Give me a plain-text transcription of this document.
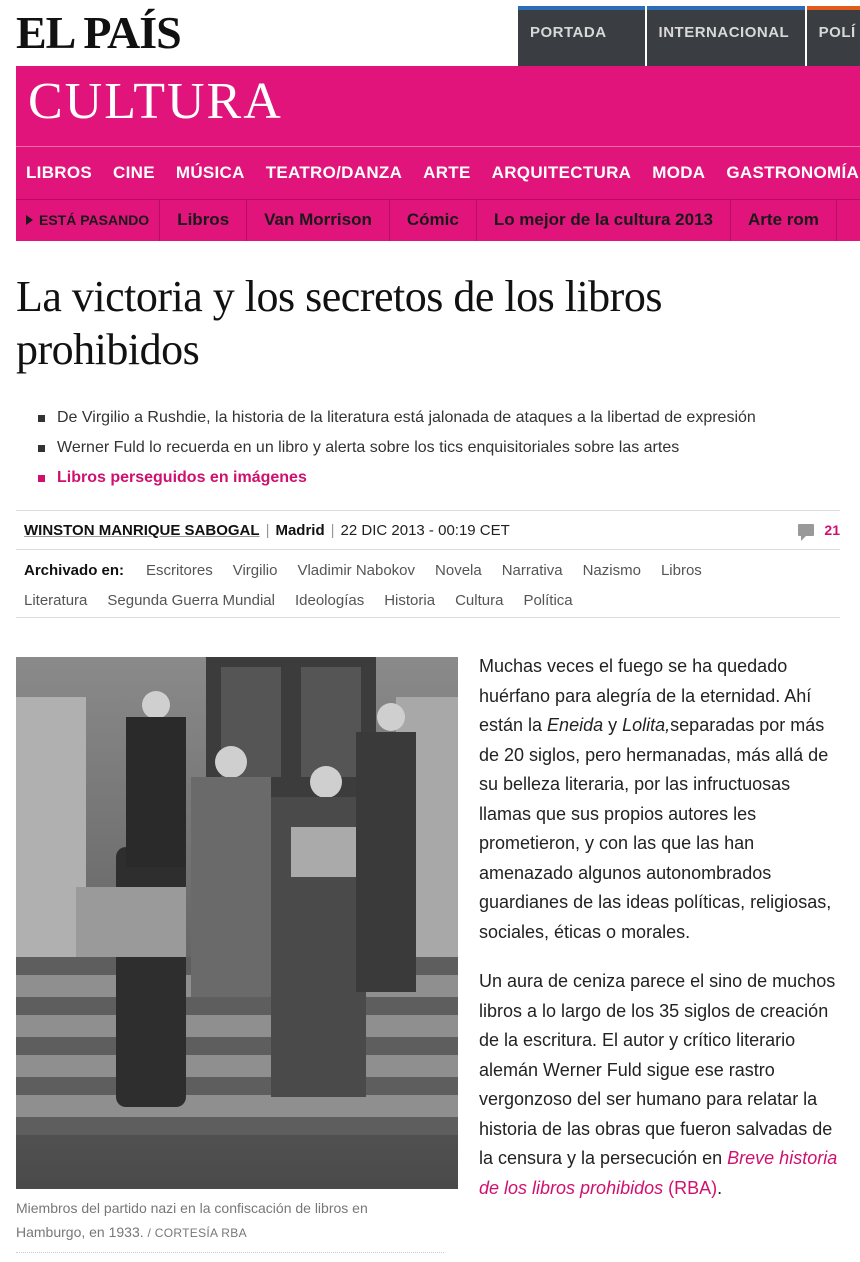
EL PAÍS	PORTADA	INTERNACIONAL	POLÍ
CULTURA
LIBROS CINE MÚSICA TEATRO/DANZA ARTE ARQUITECTURA MODA GASTRONOMÍA
ESTÁ PASANDO	Libros	Van Morrison	Cómic	Lo mejor de la cultura 2013	Arte rom
La victoria y los secretos de los libros prohibidos
De Virgilio a Rushdie, la historia de la literatura está jalonada de ataques a la libertad de expresión
Werner Fuld lo recuerda en un libro y alerta sobre los tics enquisitoriales sobre las artes
Libros perseguidos en imágenes
WINSTON MANRIQUE SABOGAL | Madrid | 22 DIC 2013 - 00:19 CET	21
Archivado en: Escritores Virgilio Vladimir Nabokov Novela Narrativa Nazismo Libros
Literatura Segunda Guerra Mundial Ideologías Historia Cultura Política
Miembros del partido nazi en la confiscación de libros en Hamburgo, en 1933. / CORTESÍA RBA

Muchas veces el fuego se ha quedado huérfano para alegría de la eternidad. Ahí están la Eneida y Lolita,separadas por más de 20 siglos, pero hermanadas, más allá de su belleza literaria, por las infructuosas llamas que sus propios autores les prometieron, y con las que las han amenazado algunos autonombrados guardianes de las ideas políticas, religiosas, sociales, éticas o morales.

Un aura de ceniza parece el sino de muchos libros a lo largo de los 35 siglos de creación de la escritura. El autor y crítico literario alemán Werner Fuld sigue ese rastro vergonzoso del ser humano para relatar la historia de las obras que fueron salvadas de la censura y la persecución en Breve historia de los libros prohibidos (RBA).
